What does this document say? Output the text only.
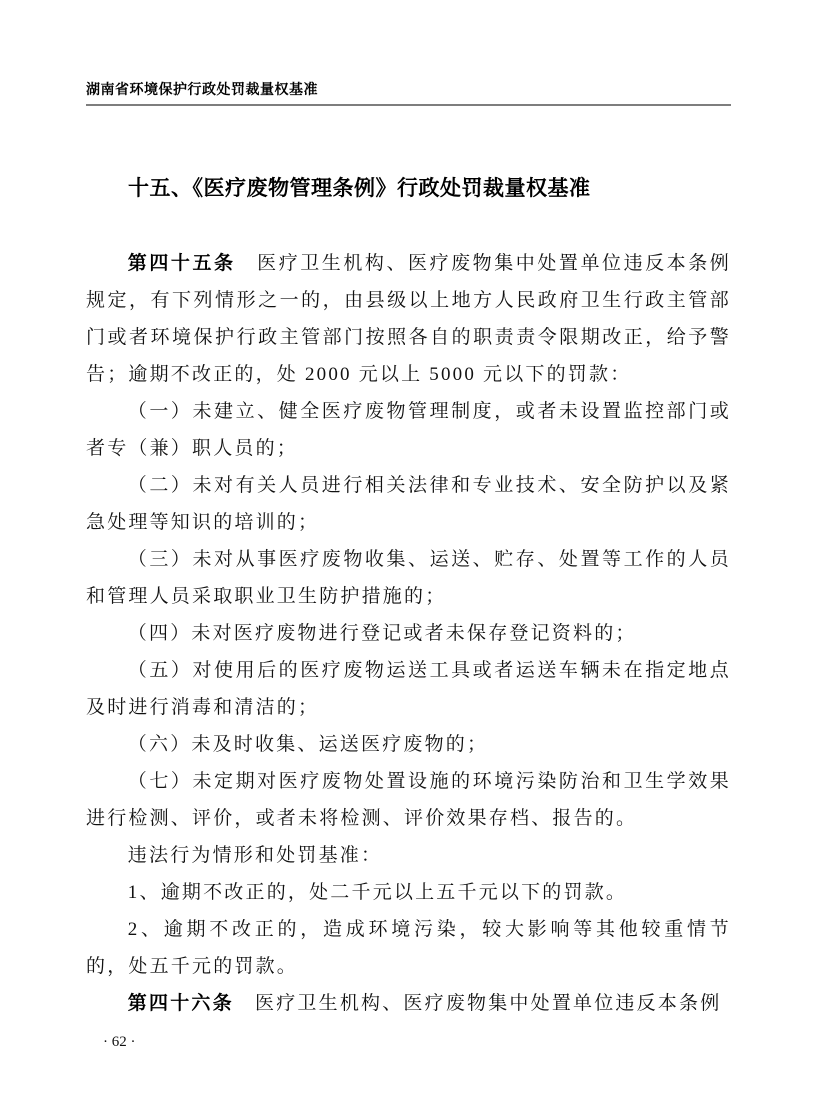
湖南省环境保护行政处罚裁量权基准
十五、《医疗废物管理条例》行政处罚裁量权基准

第四十五条　医疗卫生机构、医疗废物集中处置单位违反本条例规定，有下列情形之一的，由县级以上地方人民政府卫生行政主管部门或者环境保护行政主管部门按照各自的职责责令限期改正，给予警告；逾期不改正的，处 2000 元以上 5000 元以下的罚款：

（一）未建立、健全医疗废物管理制度，或者未设置监控部门或者专（兼）职人员的；

（二）未对有关人员进行相关法律和专业技术、安全防护以及紧急处理等知识的培训的；

（三）未对从事医疗废物收集、运送、贮存、处置等工作的人员和管理人员采取职业卫生防护措施的；

（四）未对医疗废物进行登记或者未保存登记资料的；

（五）对使用后的医疗废物运送工具或者运送车辆未在指定地点及时进行消毒和清洁的；

（六）未及时收集、运送医疗废物的；

（七）未定期对医疗废物处置设施的环境污染防治和卫生学效果进行检测、评价，或者未将检测、评价效果存档、报告的。

违法行为情形和处罚基准：

1、逾期不改正的，处二千元以上五千元以下的罚款。

2、逾期不改正的，造成环境污染，较大影响等其他较重情节的，处五千元的罚款。

第四十六条　医疗卫生机构、医疗废物集中处置单位违反本条例

· 62 ·
